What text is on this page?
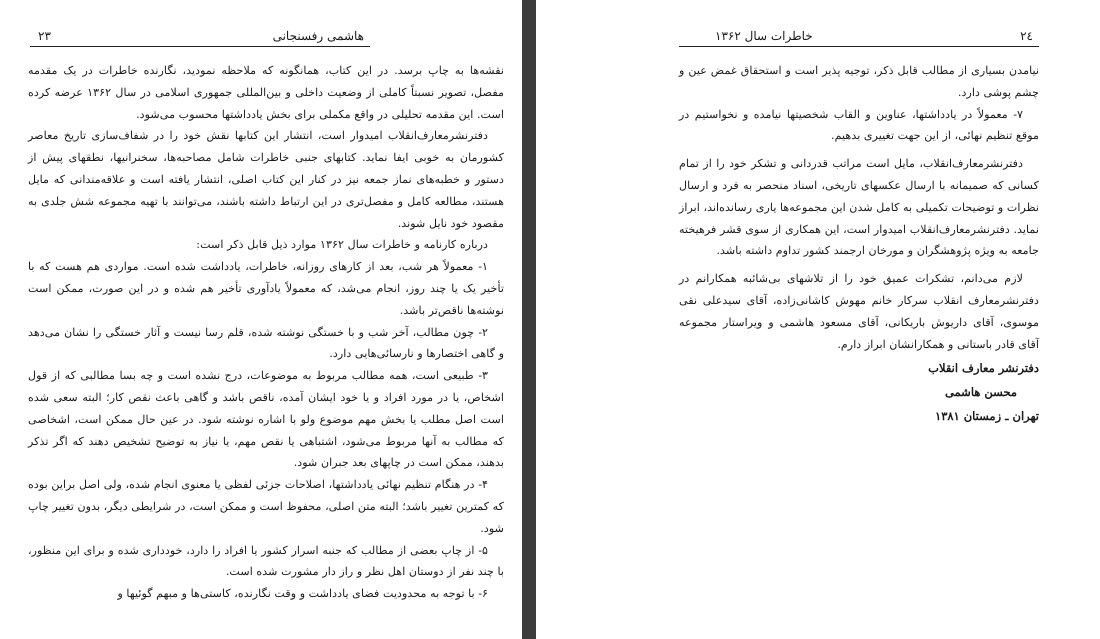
هاشمی رفسنجانی
۲۳

نقشه‌ها به چاپ برسد. در این کتاب، همانگونه که ملاحظه نمودید، نگارنده خاطرات در یک مقدمه مفصل، تصویر نسبتاً کاملی از وضعیت داخلی و بین‌المللی جمهوری اسلامی در سال ۱۳۶۲ عرضه کرده است. این مقدمه تحلیلی در واقع مکملی برای بخش یادداشتها محسوب می‌شود.

دفترنشرمعارف‌انقلاب امیدوار است، انتشار این کتابها نقش خود را در شفاف‌سازی تاریخ معاصر کشورمان به خوبی ایفا نماید. کتابهای جنبی خاطرات شامل مصاحبه‌ها، سخنرانیها، نطقهای پیش از دستور و خطبه‌های نماز جمعه نیز در کنار این کتاب اصلی، انتشار یافته است و علاقه‌مندانی که مایل هستند، مطالعه کامل و مفصل‌تری در این ارتباط داشته باشند، می‌توانند با تهیه مجموعه شش جلدی به مقصود خود نایل شوند.

درباره کارنامه و خاطرات سال ۱۳۶۲ موارد ذیل قابل ذکر است:

۱- معمولاً هر شب، بعد از کارهای روزانه، خاطرات، یادداشت شده است. مواردی هم هست که با تأخیر یک یا چند روز، انجام می‌شد، که معمولاً یادآوری تأخیر هم شده و در این صورت، ممکن است نوشته‌ها ناقص‌تر باشد.

۲- چون مطالب، آخر شب و با خستگی نوشته شده، قلم رسا نیست و آثار خستگی را نشان می‌دهد و گاهی اختصارها و نارسائی‌هایی دارد.

۳- طبیعی است، همه مطالب مربوط به موضوعات، درج نشده است و چه بسا مطالبی که از قول اشخاص، یا در مورد افراد و یا خود ایشان آمده، ناقص باشد و گاهی باعث نقص کار؛ البته سعی شده است اصل مطلب یا بخش مهم موضوع ولو با اشاره نوشته شود. در عین حال ممکن است، اشخاصی که مطالب به آنها مربوط می‌شود، اشتباهی یا نقص مهم، یا نیاز به توضیح تشخیص دهند که اگر تذکر بدهند، ممکن است در چاپهای بعد جبران شود.

۴- در هنگام تنظیم نهائی یادداشتها، اصلاحات جزئی لفظی یا معنوی انجام شده، ولی اصل براین بوده که کمترین تغییر باشد؛ البته متن اصلی، محفوظ است و ممکن است، در شرایطی دیگر، بدون تغییر چاپ شود.

۵- از چاپ بعضی از مطالب که جنبه اسرار کشور یا افراد را دارد، خودداری شده و برای این منظور، با چند نفر از دوستان اهل نظر و راز دار مشورت شده است.

۶- با توجه به محدودیت فضای یادداشت و وقت نگارنده، کاستی‌ها و مبهم گوئیها و

خاطرات سال ۱۳۶۲	۲٤

نیامدن بسیاری از مطالب قابل ذکر، توجیه پذیر است و استحقاق غمض عین و چشم پوشی دارد.

۷- معمولاً در یادداشتها، عناوین و القاب شخصیتها نیامده و نخواستیم در موقع تنظیم نهائی، از این جهت تغییری بدهیم.

دفترنشرمعارف‌انقلاب، مایل است مراتب قدردانی و تشکر خود را از تمام کسانی که صمیمانه با ارسال عکسهای تاریخی، اسناد منحصر به فرد و ارسال نظرات و توضیحات تکمیلی به کامل شدن این مجموعه‌ها یاری رسانده‌اند، ابراز نماید. دفترنشرمعارف‌انقلاب امیدوار است، این همکاری از سوی قشر فرهیخته جامعه به ویژه پژوهشگران و مورخان ارجمند کشور تداوم داشته باشد.

لازم می‌دانم، تشکرات عمیق خود را از تلاشهای بی‌شائبه همکارانم در دفترنشرمعارف انقلاب سرکار خانم مهوش کاشانی‌زاده، آقای سیدعلی نقی موسوی، آقای داریوش باریکانی، آقای مسعود هاشمی و ویراستار مجموعه آقای قادر باستانی و همکارانشان ابراز دارم.

دفترنشر معارف انقلاب
محسن هاشمی
تهران ـ زمستان ۱۳۸۱
